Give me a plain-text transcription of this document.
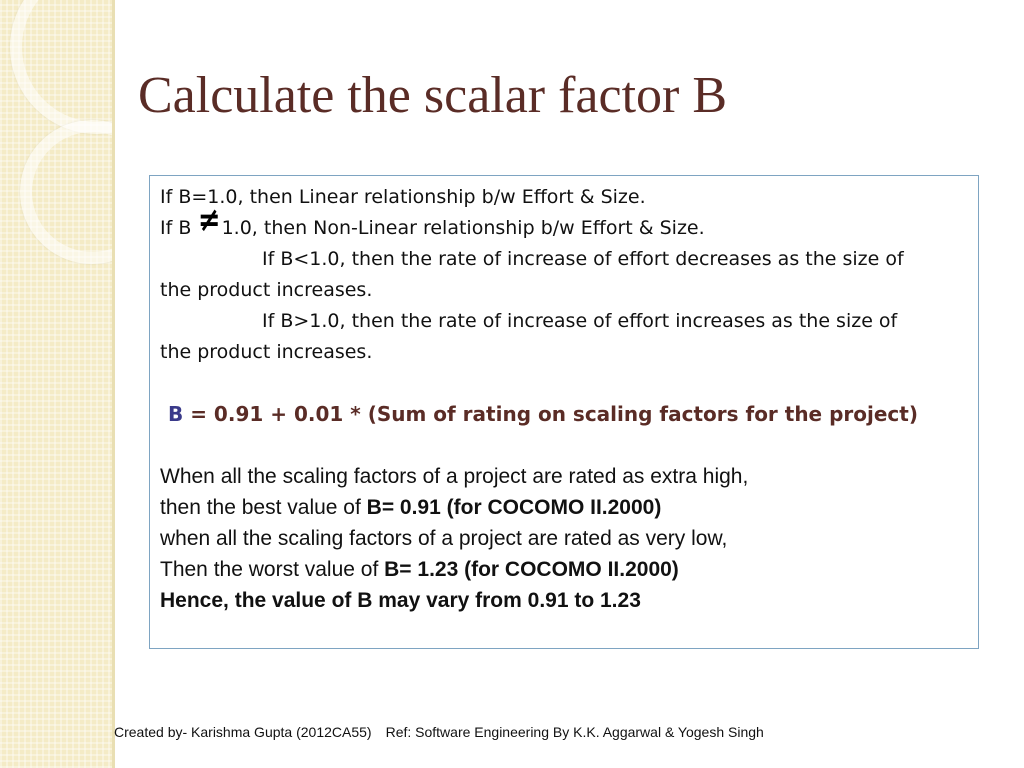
Calculate the scalar factor B

If B=1.0, then Linear relationship b/w Effort & Size.

If B ≠
1.0, then Non-Linear relationship b/w Effort & Size.

If B<1.0, then the rate of increase of effort decreases as the size of

the product increases.

If B>1.0, then the rate of increase of effort increases as the size of

the product increases.

B = 0.91 + 0.01 * (Sum of rating on scaling factors for the project)

When all the scaling factors of a project are rated as extra high,

then the best value of B= 0.91 (for COCOMO II.2000)

when all the scaling factors of a project are rated as very low,

Then the worst value of B= 1.23 (for COCOMO II.2000)

Hence, the value of B may vary from 0.91 to 1.23

Created by- Karishma Gupta (2012CA55) Ref: Software Engineering By K.K. Aggarwal & Yogesh Singh
